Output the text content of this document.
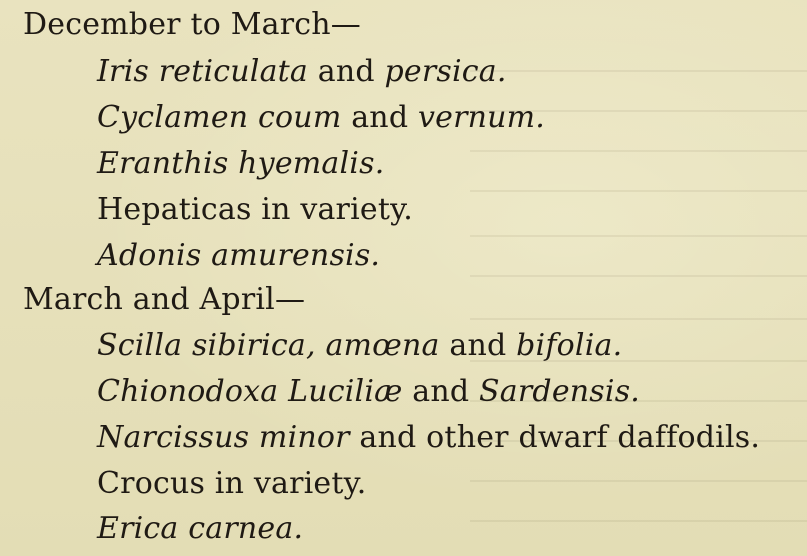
December to March—
Iris reticulata and persica.
Cyclamen coum and vernum.
Eranthis hyemalis.
Hepaticas in variety.
Adonis amurensis.
March and April—
Scilla sibirica, amœna and bifolia.
Chionodoxa Luciliæ and Sardensis.
Narcissus minor and other dwarf daffodils.
Crocus in variety.
Erica carnea.
